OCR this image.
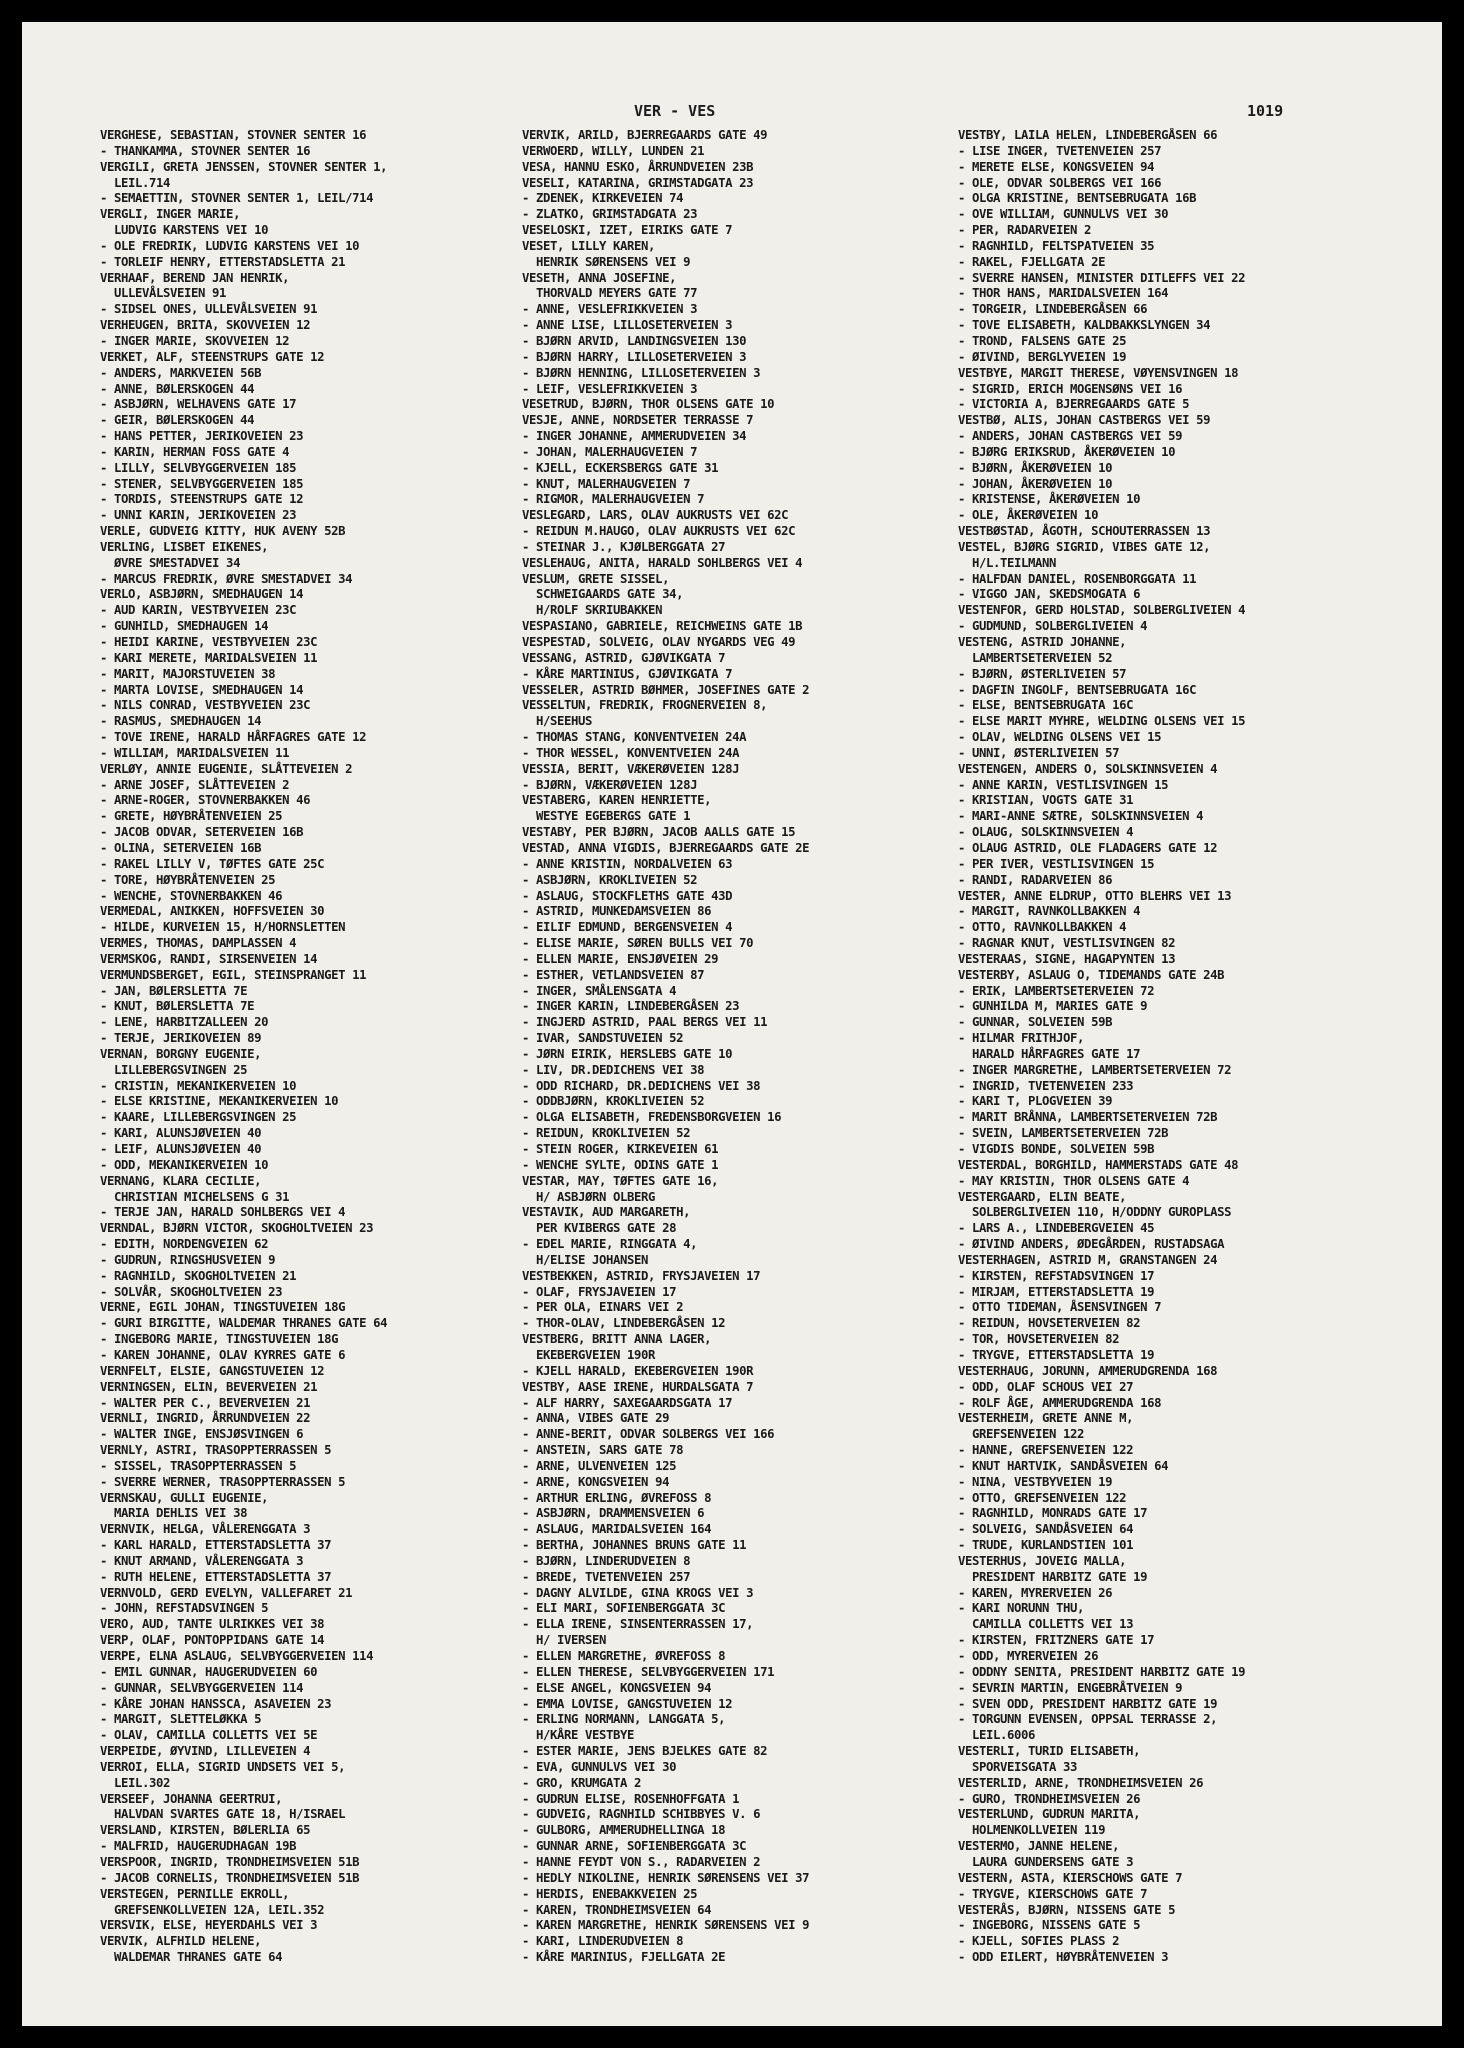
VER - VES	1019
VERGHESE, SEBASTIAN, STOVNER SENTER 16
- THANKAMMA, STOVNER SENTER 16
VERGILI, GRETA JENSSEN, STOVNER SENTER 1,
LEIL.714
- SEMAETTIN, STOVNER SENTER 1, LEIL/714
VERGLI, INGER MARIE,
LUDVIG KARSTENS VEI 10
- OLE FREDRIK, LUDVIG KARSTENS VEI 10
- TORLEIF HENRY, ETTERSTADSLETTA 21
VERHAAF, BEREND JAN HENRIK,
ULLEVÅLSVEIEN 91
- SIDSEL ONES, ULLEVÅLSVEIEN 91
VERHEUGEN, BRITA, SKOVVEIEN 12
- INGER MARIE, SKOVVEIEN 12
VERKET, ALF, STEENSTRUPS GATE 12
- ANDERS, MARKVEIEN 56B
- ANNE, BØLERSKOGEN 44
- ASBJØRN, WELHAVENS GATE 17
- GEIR, BØLERSKOGEN 44
- HANS PETTER, JERIKOVEIEN 23
- KARIN, HERMAN FOSS GATE 4
- LILLY, SELVBYGGERVEIEN 185
- STENER, SELVBYGGERVEIEN 185
- TORDIS, STEENSTRUPS GATE 12
- UNNI KARIN, JERIKOVEIEN 23
VERLE, GUDVEIG KITTY, HUK AVENY 52B
VERLING, LISBET EIKENES,
ØVRE SMESTADVEI 34
- MARCUS FREDRIK, ØVRE SMESTADVEI 34
VERLO, ASBJØRN, SMEDHAUGEN 14
- AUD KARIN, VESTBYVEIEN 23C
- GUNHILD, SMEDHAUGEN 14
- HEIDI KARINE, VESTBYVEIEN 23C
- KARI MERETE, MARIDALSVEIEN 11
- MARIT, MAJORSTUVEIEN 38
- MARTA LOVISE, SMEDHAUGEN 14
- NILS CONRAD, VESTBYVEIEN 23C
- RASMUS, SMEDHAUGEN 14
- TOVE IRENE, HARALD HÅRFAGRES GATE 12
- WILLIAM, MARIDALSVEIEN 11
VERLØY, ANNIE EUGENIE, SLÅTTEVEIEN 2
- ARNE JOSEF, SLÅTTEVEIEN 2
- ARNE-ROGER, STOVNERBAKKEN 46
- GRETE, HØYBRÅTENVEIEN 25
- JACOB ODVAR, SETERVEIEN 16B
- OLINA, SETERVEIEN 16B
- RAKEL LILLY V, TØFTES GATE 25C
- TORE, HØYBRÅTENVEIEN 25
- WENCHE, STOVNERBAKKEN 46
VERMEDAL, ANIKKEN, HOFFSVEIEN 30
- HILDE, KURVEIEN 15, H/HORNSLETTEN
VERMES, THOMAS, DAMPLASSEN 4
VERMSKOG, RANDI, SIRSENVEIEN 14
VERMUNDSBERGET, EGIL, STEINSPRANGET 11
- JAN, BØLERSLETTA 7E
- KNUT, BØLERSLETTA 7E
- LENE, HARBITZALLEEN 20
- TERJE, JERIKOVEIEN 89
VERNAN, BORGNY EUGENIE,
LILLEBERGSVINGEN 25
- CRISTIN, MEKANIKERVEIEN 10
- ELSE KRISTINE, MEKANIKERVEIEN 10
- KAARE, LILLEBERGSVINGEN 25
- KARI, ALUNSJØVEIEN 40
- LEIF, ALUNSJØVEIEN 40
- ODD, MEKANIKERVEIEN 10
VERNANG, KLARA CECILIE,
CHRISTIAN MICHELSENS G 31
- TERJE JAN, HARALD SOHLBERGS VEI 4
VERNDAL, BJØRN VICTOR, SKOGHOLTVEIEN 23
- EDITH, NORDENGVEIEN 62
- GUDRUN, RINGSHUSVEIEN 9
- RAGNHILD, SKOGHOLTVEIEN 21
- SOLVÅR, SKOGHOLTVEIEN 23
VERNE, EGIL JOHAN, TINGSTUVEIEN 18G
- GURI BIRGITTE, WALDEMAR THRANES GATE 64
- INGEBORG MARIE, TINGSTUVEIEN 18G
- KAREN JOHANNE, OLAV KYRRES GATE 6
VERNFELT, ELSIE, GANGSTUVEIEN 12
VERNINGSEN, ELIN, BEVERVEIEN 21
- WALTER PER C., BEVERVEIEN 21
VERNLI, INGRID, ÅRRUNDVEIEN 22
- WALTER INGE, ENSJØSVINGEN 6
VERNLY, ASTRI, TRASOPPTERRASSEN 5
- SISSEL, TRASOPPTERRASSEN 5
- SVERRE WERNER, TRASOPPTERRASSEN 5
VERNSKAU, GULLI EUGENIE,
MARIA DEHLIS VEI 38
VERNVIK, HELGA, VÅLERENGGATA 3
- KARL HARALD, ETTERSTADSLETTA 37
- KNUT ARMAND, VÅLERENGGATA 3
- RUTH HELENE, ETTERSTADSLETTA 37
VERNVOLD, GERD EVELYN, VALLEFARET 21
- JOHN, REFSTADSVINGEN 5
VERO, AUD, TANTE ULRIKKES VEI 38
VERP, OLAF, PONTOPPIDANS GATE 14
VERPE, ELNA ASLAUG, SELVBYGGERVEIEN 114
- EMIL GUNNAR, HAUGERUDVEIEN 60
- GUNNAR, SELVBYGGERVEIEN 114
- KÅRE JOHAN HANSSCA, ASAVEIEN 23
- MARGIT, SLETTELØKKA 5
- OLAV, CAMILLA COLLETTS VEI 5E
VERPEIDE, ØYVIND, LILLEVEIEN 4
VERROI, ELLA, SIGRID UNDSETS VEI 5,
LEIL.302
VERSEEF, JOHANNA GEERTRUI,
HALVDAN SVARTES GATE 18, H/ISRAEL
VERSLAND, KIRSTEN, BØLERLIA 65
- MALFRID, HAUGERUDHAGAN 19B
VERSPOOR, INGRID, TRONDHEIMSVEIEN 51B
- JACOB CORNELIS, TRONDHEIMSVEIEN 51B
VERSTEGEN, PERNILLE EKROLL,
GREFSENKOLLVEIEN 12A, LEIL.352
VERSVIK, ELSE, HEYERDAHLS VEI 3
VERVIK, ALFHILD HELENE,
WALDEMAR THRANES GATE 64
VERVIK, ARILD, BJERREGAARDS GATE 49
VERWOERD, WILLY, LUNDEN 21
VESA, HANNU ESKO, ÅRRUNDVEIEN 23B
VESELI, KATARINA, GRIMSTADGATA 23
- ZDENEK, KIRKEVEIEN 74
- ZLATKO, GRIMSTADGATA 23
VESELOSKI, IZET, EIRIKS GATE 7
VESET, LILLY KAREN,
HENRIK SØRENSENS VEI 9
VESETH, ANNA JOSEFINE,
THORVALD MEYERS GATE 77
- ANNE, VESLEFRIKKVEIEN 3
- ANNE LISE, LILLOSETERVEIEN 3
- BJØRN ARVID, LANDINGSVEIEN 130
- BJØRN HARRY, LILLOSETERVEIEN 3
- BJØRN HENNING, LILLOSETERVEIEN 3
- LEIF, VESLEFRIKKVEIEN 3
VESETRUD, BJØRN, THOR OLSENS GATE 10
VESJE, ANNE, NORDSETER TERRASSE 7
- INGER JOHANNE, AMMERUDVEIEN 34
- JOHAN, MALERHAUGVEIEN 7
- KJELL, ECKERSBERGS GATE 31
- KNUT, MALERHAUGVEIEN 7
- RIGMOR, MALERHAUGVEIEN 7
VESLEGARD, LARS, OLAV AUKRUSTS VEI 62C
- REIDUN M.HAUGO, OLAV AUKRUSTS VEI 62C
- STEINAR J., KJØLBERGGATA 27
VESLEHAUG, ANITA, HARALD SOHLBERGS VEI 4
VESLUM, GRETE SISSEL,
SCHWEIGAARDS GATE 34,
H/ROLF SKRIUBAKKEN
VESPASIANO, GABRIELE, REICHWEINS GATE 1B
VESPESTAD, SOLVEIG, OLAV NYGARDS VEG 49
VESSANG, ASTRID, GJØVIKGATA 7
- KÅRE MARTINIUS, GJØVIKGATA 7
VESSELER, ASTRID BØHMER, JOSEFINES GATE 2
VESSELTUN, FREDRIK, FROGNERVEIEN 8,
H/SEEHUS
- THOMAS STANG, KONVENTVEIEN 24A
- THOR WESSEL, KONVENTVEIEN 24A
VESSIA, BERIT, VÆKERØVEIEN 128J
- BJØRN, VÆKERØVEIEN 128J
VESTABERG, KAREN HENRIETTE,
WESTYE EGEBERGS GATE 1
VESTABY, PER BJØRN, JACOB AALLS GATE 15
VESTAD, ANNA VIGDIS, BJERREGAARDS GATE 2E
- ANNE KRISTIN, NORDALVEIEN 63
- ASBJØRN, KROKLIVEIEN 52
- ASLAUG, STOCKFLETHS GATE 43D
- ASTRID, MUNKEDAMSVEIEN 86
- EILIF EDMUND, BERGENSVEIEN 4
- ELISE MARIE, SØREN BULLS VEI 70
- ELLEN MARIE, ENSJØVEIEN 29
- ESTHER, VETLANDSVEIEN 87
- INGER, SMÅLENSGATA 4
- INGER KARIN, LINDEBERGÅSEN 23
- INGJERD ASTRID, PAAL BERGS VEI 11
- IVAR, SANDSTUVEIEN 52
- JØRN EIRIK, HERSLEBS GATE 10
- LIV, DR.DEDICHENS VEI 38
- ODD RICHARD, DR.DEDICHENS VEI 38
- ODDBJØRN, KROKLIVEIEN 52
- OLGA ELISABETH, FREDENSBORGVEIEN 16
- REIDUN, KROKLIVEIEN 52
- STEIN ROGER, KIRKEVEIEN 61
- WENCHE SYLTE, ODINS GATE 1
VESTAR, MAY, TØFTES GATE 16,
H/ ASBJØRN OLBERG
VESTAVIK, AUD MARGARETH,
PER KVIBERGS GATE 28
- EDEL MARIE, RINGGATA 4,
H/ELISE JOHANSEN
VESTBEKKEN, ASTRID, FRYSJAVEIEN 17
- OLAF, FRYSJAVEIEN 17
- PER OLA, EINARS VEI 2
- THOR-OLAV, LINDEBERGÅSEN 12
VESTBERG, BRITT ANNA LAGER,
EKEBERGVEIEN 190R
- KJELL HARALD, EKEBERGVEIEN 190R
VESTBY, AASE IRENE, HURDALSGATA 7
- ALF HARRY, SAXEGAARDSGATA 17
- ANNA, VIBES GATE 29
- ANNE-BERIT, ODVAR SOLBERGS VEI 166
- ANSTEIN, SARS GATE 78
- ARNE, ULVENVEIEN 125
- ARNE, KONGSVEIEN 94
- ARTHUR ERLING, ØVREFOSS 8
- ASBJØRN, DRAMMENSVEIEN 6
- ASLAUG, MARIDALSVEIEN 164
- BERTHA, JOHANNES BRUNS GATE 11
- BJØRN, LINDERUDVEIEN 8
- BREDE, TVETENVEIEN 257
- DAGNY ALVILDE, GINA KROGS VEI 3
- ELI MARI, SOFIENBERGGATA 3C
- ELLA IRENE, SINSENTERRASSEN 17,
H/ IVERSEN
- ELLEN MARGRETHE, ØVREFOSS 8
- ELLEN THERESE, SELVBYGGERVEIEN 171
- ELSE ANGEL, KONGSVEIEN 94
- EMMA LOVISE, GANGSTUVEIEN 12
- ERLING NORMANN, LANGGATA 5,
H/KÅRE VESTBYE
- ESTER MARIE, JENS BJELKES GATE 82
- EVA, GUNNULVS VEI 30
- GRO, KRUMGATA 2
- GUDRUN ELISE, ROSENHOFFGATA 1
- GUDVEIG, RAGNHILD SCHIBBYES V. 6
- GULBORG, AMMERUDHELLINGA 18
- GUNNAR ARNE, SOFIENBERGGATA 3C
- HANNE FEYDT VON S., RADARVEIEN 2
- HEDLY NIKOLINE, HENRIK SØRENSENS VEI 37
- HERDIS, ENEBAKKVEIEN 25
- KAREN, TRONDHEIMSVEIEN 64
- KAREN MARGRETHE, HENRIK SØRENSENS VEI 9
- KARI, LINDERUDVEIEN 8
- KÅRE MARINIUS, FJELLGATA 2E
VESTBY, LAILA HELEN, LINDEBERGÅSEN 66
- LISE INGER, TVETENVEIEN 257
- MERETE ELSE, KONGSVEIEN 94
- OLE, ODVAR SOLBERGS VEI 166
- OLGA KRISTINE, BENTSEBRUGATA 16B
- OVE WILLIAM, GUNNULVS VEI 30
- PER, RADARVEIEN 2
- RAGNHILD, FELTSPATVEIEN 35
- RAKEL, FJELLGATA 2E
- SVERRE HANSEN, MINISTER DITLEFFS VEI 22
- THOR HANS, MARIDALSVEIEN 164
- TORGEIR, LINDEBERGÅSEN 66
- TOVE ELISABETH, KALDBAKKSLYNGEN 34
- TROND, FALSENS GATE 25
- ØIVIND, BERGLYVEIEN 19
VESTBYE, MARGIT THERESE, VØYENSVINGEN 18
- SIGRID, ERICH MOGENSØNS VEI 16
- VICTORIA A, BJERREGAARDS GATE 5
VESTBØ, ALIS, JOHAN CASTBERGS VEI 59
- ANDERS, JOHAN CASTBERGS VEI 59
- BJØRG ERIKSRUD, ÅKERØVEIEN 10
- BJØRN, ÅKERØVEIEN 10
- JOHAN, ÅKERØVEIEN 10
- KRISTENSE, ÅKERØVEIEN 10
- OLE, ÅKERØVEIEN 10
VESTBØSTAD, ÅGOTH, SCHOUTERRASSEN 13
VESTEL, BJØRG SIGRID, VIBES GATE 12,
H/L.TEILMANN
- HALFDAN DANIEL, ROSENBORGGATA 11
- VIGGO JAN, SKEDSMOGATA 6
VESTENFOR, GERD HOLSTAD, SOLBERGLIVEIEN 4
- GUDMUND, SOLBERGLIVEIEN 4
VESTENG, ASTRID JOHANNE,
LAMBERTSETERVEIEN 52
- BJØRN, ØSTERLIVEIEN 57
- DAGFIN INGOLF, BENTSEBRUGATA 16C
- ELSE, BENTSEBRUGATA 16C
- ELSE MARIT MYHRE, WELDING OLSENS VEI 15
- OLAV, WELDING OLSENS VEI 15
- UNNI, ØSTERLIVEIEN 57
VESTENGEN, ANDERS O, SOLSKINNSVEIEN 4
- ANNE KARIN, VESTLISVINGEN 15
- KRISTIAN, VOGTS GATE 31
- MARI-ANNE SÆTRE, SOLSKINNSVEIEN 4
- OLAUG, SOLSKINNSVEIEN 4
- OLAUG ASTRID, OLE FLADAGERS GATE 12
- PER IVER, VESTLISVINGEN 15
- RANDI, RADARVEIEN 86
VESTER, ANNE ELDRUP, OTTO BLEHRS VEI 13
- MARGIT, RAVNKOLLBAKKEN 4
- OTTO, RAVNKOLLBAKKEN 4
- RAGNAR KNUT, VESTLISVINGEN 82
VESTERAAS, SIGNE, HAGAPYNTEN 13
VESTERBY, ASLAUG O, TIDEMANDS GATE 24B
- ERIK, LAMBERTSETERVEIEN 72
- GUNHILDA M, MARIES GATE 9
- GUNNAR, SOLVEIEN 59B
- HILMAR FRITHJOF,
HARALD HÅRFAGRES GATE 17
- INGER MARGRETHE, LAMBERTSETERVEIEN 72
- INGRID, TVETENVEIEN 233
- KARI T, PLOGVEIEN 39
- MARIT BRÅNNA, LAMBERTSETERVEIEN 72B
- SVEIN, LAMBERTSETERVEIEN 72B
- VIGDIS BONDE, SOLVEIEN 59B
VESTERDAL, BORGHILD, HAMMERSTADS GATE 48
- MAY KRISTIN, THOR OLSENS GATE 4
VESTERGAARD, ELIN BEATE,
SOLBERGLIVEIEN 110, H/ODDNY GUROPLASS
- LARS A., LINDEBERGVEIEN 45
- ØIVIND ANDERS, ØDEGÅRDEN, RUSTADSAGA
VESTERHAGEN, ASTRID M, GRANSTANGEN 24
- KIRSTEN, REFSTADSVINGEN 17
- MIRJAM, ETTERSTADSLETTA 19
- OTTO TIDEMAN, ÅSENSVINGEN 7
- REIDUN, HOVSETERVEIEN 82
- TOR, HOVSETERVEIEN 82
- TRYGVE, ETTERSTADSLETTA 19
VESTERHAUG, JORUNN, AMMERUDGRENDA 168
- ODD, OLAF SCHOUS VEI 27
- ROLF ÅGE, AMMERUDGRENDA 168
VESTERHEIM, GRETE ANNE M,
GREFSENVEIEN 122
- HANNE, GREFSENVEIEN 122
- KNUT HARTVIK, SANDÅSVEIEN 64
- NINA, VESTBYVEIEN 19
- OTTO, GREFSENVEIEN 122
- RAGNHILD, MONRADS GATE 17
- SOLVEIG, SANDÅSVEIEN 64
- TRUDE, KURLANDSTIEN 101
VESTERHUS, JOVEIG MALLA,
PRESIDENT HARBITZ GATE 19
- KAREN, MYRERVEIEN 26
- KARI NORUNN THU,
CAMILLA COLLETTS VEI 13
- KIRSTEN, FRITZNERS GATE 17
- ODD, MYRERVEIEN 26
- ODDNY SENITA, PRESIDENT HARBITZ GATE 19
- SEVRIN MARTIN, ENGEBRÅTVEIEN 9
- SVEN ODD, PRESIDENT HARBITZ GATE 19
- TORGUNN EVENSEN, OPPSAL TERRASSE 2,
LEIL.6006
VESTERLI, TURID ELISABETH,
SPORVEISGATA 33
VESTERLID, ARNE, TRONDHEIMSVEIEN 26
- GURO, TRONDHEIMSVEIEN 26
VESTERLUND, GUDRUN MARITA,
HOLMENKOLLVEIEN 119
VESTERMO, JANNE HELENE,
LAURA GUNDERSENS GATE 3
VESTERN, ASTA, KIERSCHOWS GATE 7
- TRYGVE, KIERSCHOWS GATE 7
VESTERÅS, BJØRN, NISSENS GATE 5
- INGEBORG, NISSENS GATE 5
- KJELL, SOFIES PLASS 2
- ODD EILERT, HØYBRÅTENVEIEN 3
